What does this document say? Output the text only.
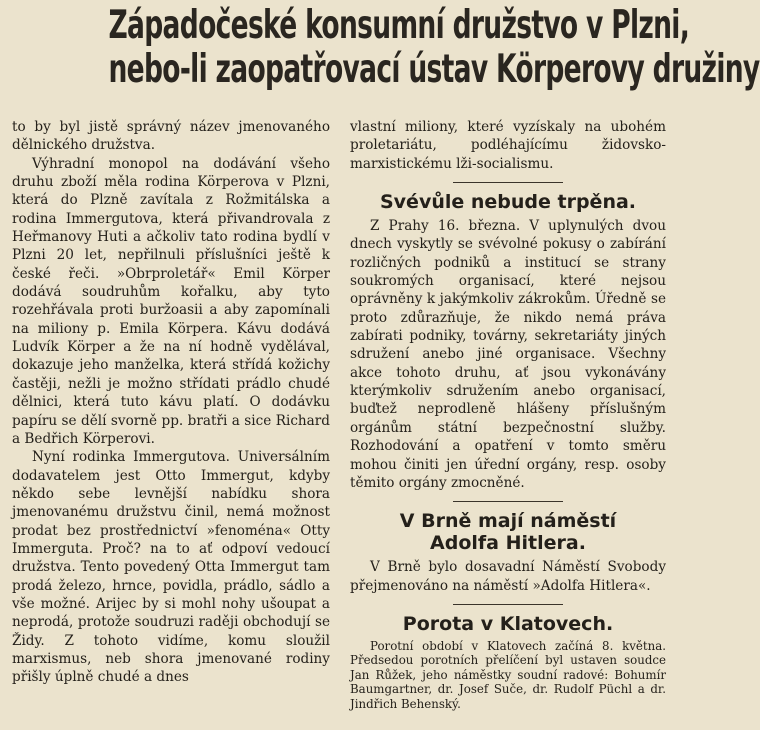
Západočeské konsumní družstvo v Plzni,
nebo-li zaopatřovací ústav Körperovy družiny

to by byl jistě správný název jmenovaného dělnického družstva.

Výhradní monopol na dodávání všeho druhu zboží měla rodina Körperova v Plzni, která do Plzně zavítala z Rožmitálska a rodina Immergutova, která přivandrovala z Heřmanovy Huti a ačkoliv tato rodina bydlí v Plzni 20 let, nepřilnuli příslušníci ještě k české řeči. »Obrproletář« Emil Körper dodává soudruhům kořalku, aby tyto rozehřávala proti buržoasii a aby zapomínali na miliony p. Emila Körpera. Kávu dodává Ludvík Körper a že na ní hodně vydělával, dokazuje jeho manželka, která střídá kožichy častěji, nežli je možno střídati prádlo chudé dělnici, která tuto kávu platí. O dodávku papíru se dělí svorně pp. bratři a sice Richard a Bedřich Körperovi.

Nyní rodinka Immergutova. Universálním dodavatelem jest Otto Immergut, kdyby někdo sebe levnější nabídku shora jmenovanému družstvu činil, nemá možnost prodat bez prostřednictví »fenoména« Otty Immerguta. Proč? na to ať odpoví vedoucí družstva. Tento povedený Otta Immergut tam prodá železo, hrnce, povidla, prádlo, sádlo a vše možné. Arijec by si mohl nohy ušoupat a neprodá, protože soudruzi raději obchodují se Židy. Z tohoto vidíme, komu sloužil marxismus, neb shora jmenované rodiny přišly úplně chudé a dnes

vlastní miliony, které vyzískaly na ubohém proletariátu, podléhajícímu židovsko-marxistickému lži-socialismu.

Svévůle nebude trpěna.

Z Prahy 16. března. V uplynulých dvou dnech vyskytly se svévolné pokusy o zabírání rozličných podniků a institucí se strany soukromých organisací, které nejsou oprávněny k jakýmkoliv zákrokům. Úředně se proto zdůrazňuje, že nikdo nemá práva zabírati podniky, továrny, sekretariáty jiných sdružení anebo jiné organisace. Všechny akce tohoto druhu, ať jsou vykonávány kterýmkoliv sdružením anebo organisací, buďtež neprodleně hlášeny příslušným orgánům státní bezpečnostní služby. Rozhodování a opatření v tomto směru mohou činiti jen úřední orgány, resp. osoby těmito orgány zmocněné.

V Brně mají náměstí
Adolfa Hitlera.

V Brně bylo dosavadní Náměstí Svobody přejmenováno na náměstí »Adolfa Hitlera«.

Porota v Klatovech.

Porotní období v Klatovech začíná 8. května. Předsedou porotních přelíčení byl ustaven soudce Jan Růžek, jeho náměstky soudní radové: Bohumír Baumgartner, dr. Josef Suče, dr. Rudolf Püchl a dr. Jindřich Behenský.
